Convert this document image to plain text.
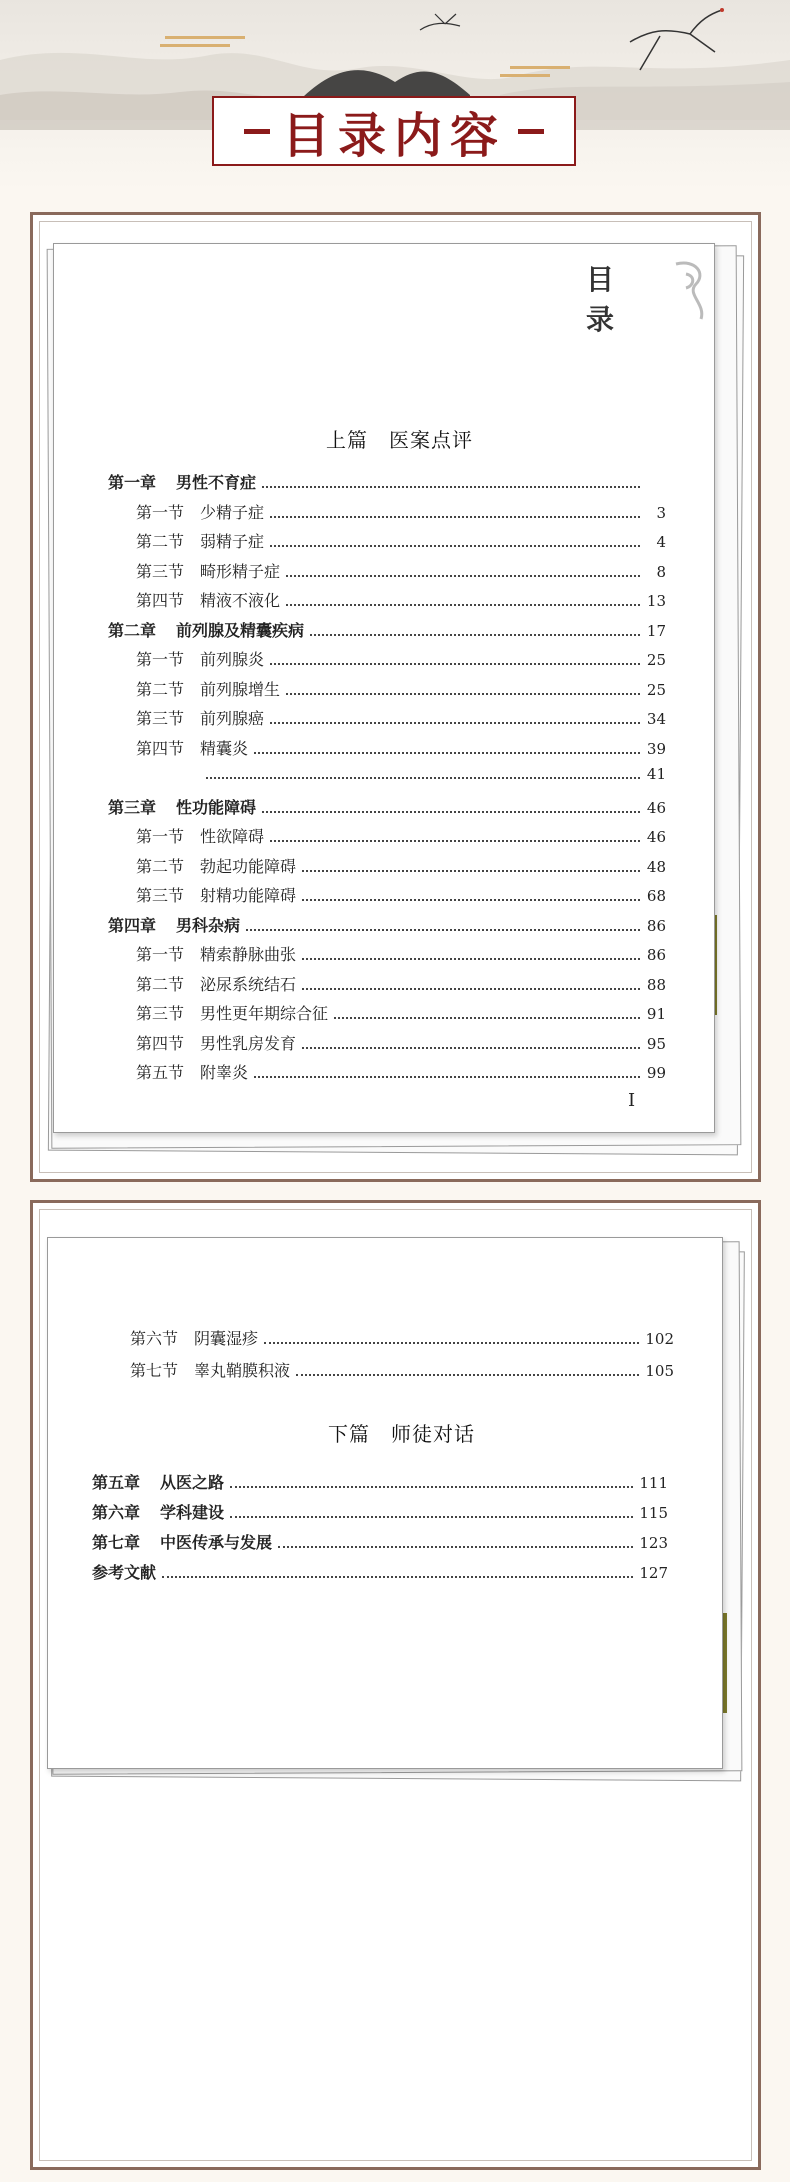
目录内容
目　录
上篇　医案点评
I
第一章	男性不育症
第一节 少精子症	3
第二节 弱精子症	4
第三节 畸形精子症	8
第四节 精液不液化	13
第二章	前列腺及精囊疾病	17
第一节 前列腺炎	25
第二节 前列腺增生	25
第三节 前列腺癌	34
第四节 精囊炎	39
41
第三章	性功能障碍	46
第一节 性欲障碍	46
第二节 勃起功能障碍	48
第三节 射精功能障碍	68
第四章	男科杂病	86
第一节 精索静脉曲张	86
第二节 泌尿系统结石	88
第三节 男性更年期综合征	91
第四节 男性乳房发育	95
第五节 附睾炎	99
下篇　师徒对话
第六节 阴囊湿疹	102
第七节 睾丸鞘膜积液	105
第五章	从医之路	111
第六章	学科建设	115
第七章	中医传承与发展	123
参考文献	127
